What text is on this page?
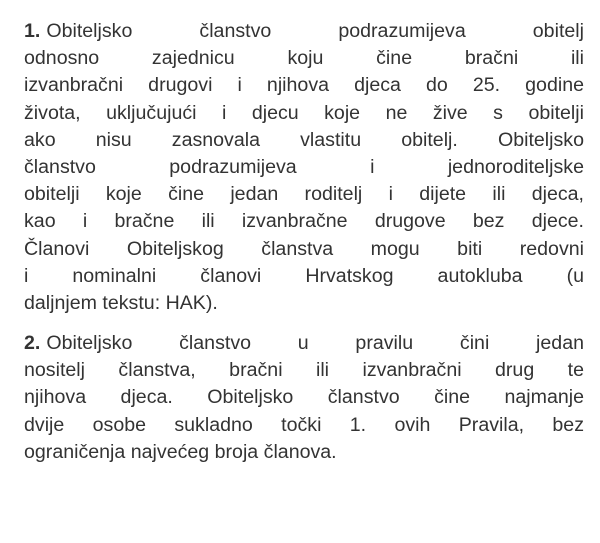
1. Obiteljsko članstvo podrazumijeva obitelj
odnosno zajednicu koju čine bračni ili
izvanbračni drugovi i njihova djeca do 25. godine
života, uključujući i djecu koje ne žive s obitelji
ako nisu zasnovala vlastitu obitelj. Obiteljsko
članstvo podrazumijeva i jednoroditeljske
obitelji koje čine jedan roditelj i dijete ili djeca,
kao i bračne ili izvanbračne drugove bez djece.
Članovi Obiteljskog članstva mogu biti redovni
i nominalni članovi Hrvatskog autokluba (u
daljnjem tekstu: HAK).

2. Obiteljsko članstvo u pravilu čini jedan
nositelj članstva, bračni ili izvanbračni drug te
njihova djeca. Obiteljsko članstvo čine najmanje
dvije osobe sukladno točki 1. ovih Pravila, bez
ograničenja najvećeg broja članova.
